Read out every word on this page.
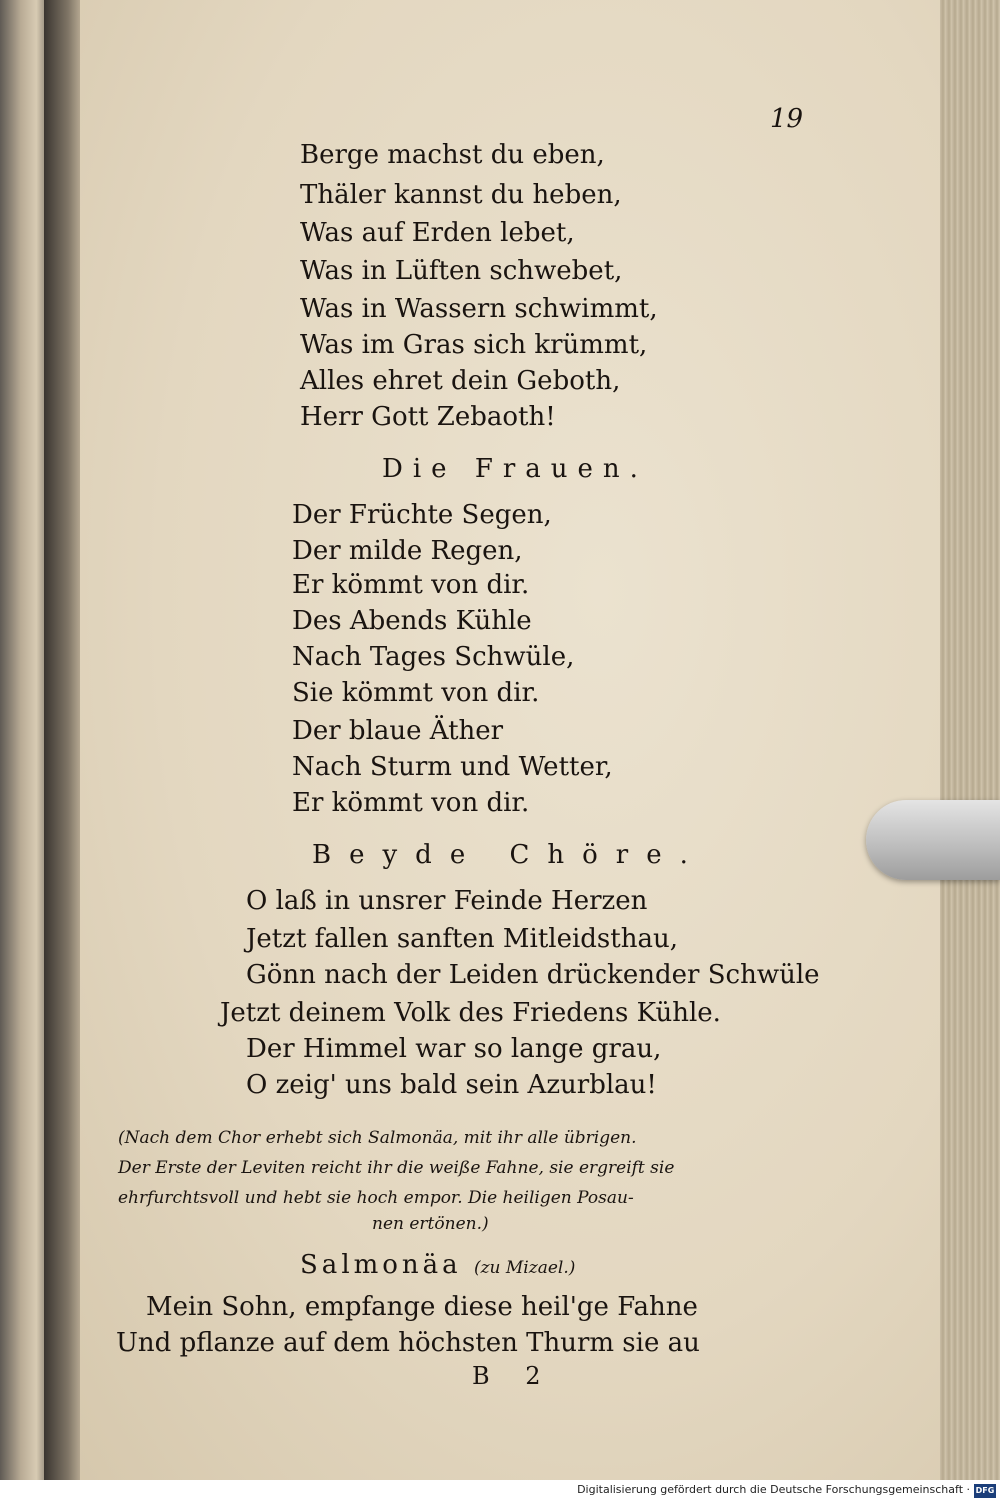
19
Berge machst du eben,
Thäler kannst du heben,
Was auf Erden lebet,
Was in Lüften schwebet,
Was in Wassern schwimmt,
Was im Gras sich krümmt,
Alles ehret dein Geboth,
Herr Gott Zebaoth!
Die Frauen.
Der Früchte Segen,
Der milde Regen,
Er kömmt von dir.
Des Abends Kühle
Nach Tages Schwüle,
Sie kömmt von dir.
Der blaue Äther
Nach Sturm und Wetter,
Er kömmt von dir.
Beyde Chöre.
O laß in unsrer Feinde Herzen
Jetzt fallen sanften Mitleidsthau,
Gönn nach der Leiden drückender Schwüle
Jetzt deinem Volk des Friedens Kühle.
Der Himmel war so lange grau,
O zeig' uns bald sein Azurblau!
(Nach dem Chor erhebt sich Salmonäa, mit ihr alle übrigen.
Der Erste der Leviten reicht ihr die weiße Fahne, sie ergreift sie
ehrfurchtsvoll und hebt sie hoch empor. Die heiligen Posau-
nen ertönen.)
Salmonäa (zu Mizael.)
Mein Sohn, empfange diese heil'ge Fahne
Und pflanze auf dem höchsten Thurm sie au
B 2
Digitalisierung gefördert durch die Deutsche Forschungsgemeinschaft · DFG
